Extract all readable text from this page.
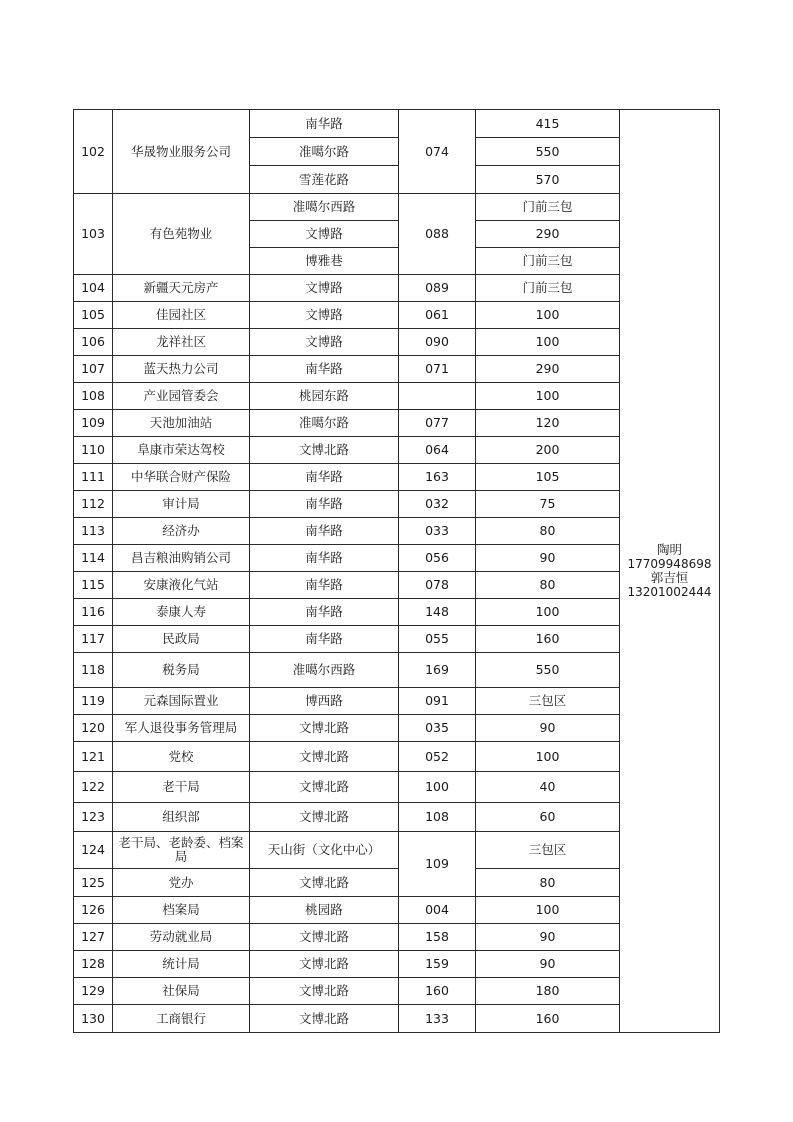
102	华晟物业服务公司	南华路	074	415	陶明
17709948698
郭吉恒
13201002444

		准噶尔路		550	
		雪莲花路		570	
103	有色苑物业	准噶尔西路	088	门前三包	
		文博路		290	
		博雅巷		门前三包	
104	新疆天元房产	文博路	089	门前三包	
105	佳园社区	文博路	061	100	
106	龙祥社区	文博路	090	100	
107	蓝天热力公司	南华路	071	290	
108	产业园管委会	桃园东路		100	
109	天池加油站	准噶尔路	077	120	
110	阜康市荣达驾校	文博北路	064	200	
111	中华联合财产保险	南华路	163	105	
112	审计局	南华路	032	75	
113	经济办	南华路	033	80	
114	昌吉粮油购销公司	南华路	056	90	
115	安康液化气站	南华路	078	80	
116	泰康人寿	南华路	148	100	
117	民政局	南华路	055	160	
118	税务局	准噶尔西路	169	550	
119	元森国际置业	博西路	091	三包区	
120	军人退役事务管理局	文博北路	035	90	
121	党校	文博北路	052	100	
122	老干局	文博北路	100	40	
123	组织部	文博北路	108	60	
124	老干局、老龄委、档案局	天山街（文化中心）	109	三包区	
125	党办	文博北路		80	
126	档案局	桃园路	004	100	
127	劳动就业局	文博北路	158	90	
128	统计局	文博北路	159	90	
129	社保局	文博北路	160	180	
130	工商银行	文博北路	133	160	
